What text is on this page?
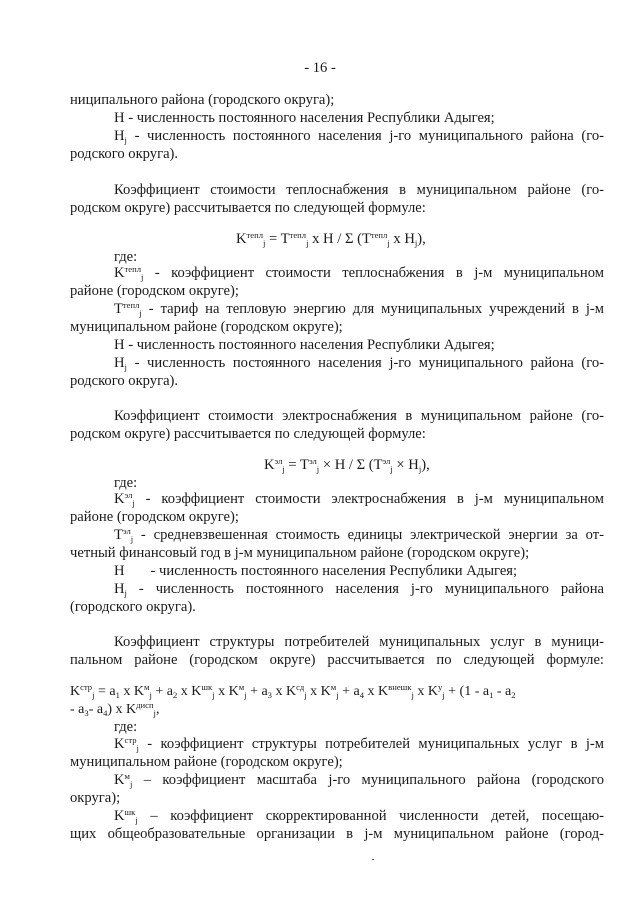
- 16 -
ниципального района (городского округа);
Н - численность постоянного населения Республики Адыгея;
$H_j$ - численность постоянного населения j-го муниципального района (го-
родского округа).
Коэффициент стоимости теплоснабжения в муниципальном районе (го-
родском округе) рассчитывается по следующей формуле:
$K^{тепл}_j = T^{тепл}_j$ x H / Σ ($T^{тепл}_j$ x $H_j$),
где:
$K^{тепл}_j$ - коэффициент стоимости теплоснабжения в j-м муниципальном
районе (городском округе);
$T^{тепл}_j$ - тариф на тепловую энергию для муниципальных учреждений в j-м
муниципальном районе (городском округе);
Н - численность постоянного населения Республики Адыгея;
$H_j$ - численность постоянного населения j-го муниципального района (го-
родского округа).
Коэффициент стоимости электроснабжения в муниципальном районе (го-
родском округе) рассчитывается по следующей формуле:
$K^{эл}_j = T^{эл}_j \times H / \Sigma$ $(T^{эл}_j \times H_j)$,
где:
$K^{эл}_j$ - коэффициент стоимости электроснабжения в j-м муниципальном
районе (городском округе);
$T^{эл}_j$ - средневзвешенная стоимость единицы электрической энергии за от-
четный финансовый год в j-м муниципальном районе (городском округе);
H - численность постоянного населения Республики Адыгея;
$H_j$ - численность постоянного населения j-го муниципального района
(городского округа).
Коэффициент структуры потребителей муниципальных услуг в муници-
пальном районе (городском округе) рассчитывается по следующей формуле:
$K^{стр}_j = a_1$ x $K^м_j + a_2$ x $K^{шк}_j$ x $K^м_j + a_3$ x $K^{сд}_j$ x $K^м_j + a_4$ x $K^{внешк}_j$ x $K^у_j + (1 - a_1 - a_2$
- $a_3-$ $a_4$) x $K^{дисп}_j$,
где:
$K^{стр}_j$ - коэффициент структуры потребителей муниципальных услуг в j-м
муниципальном районе (городском округе);
$K^м_j$ – коэффициент масштаба j-го муниципального района (городского
округа);
$K^{шк}_j$ – коэффициент скорректированной численности детей, посещаю-
щих общеобразовательные организации в j-м муниципальном районе (город-
